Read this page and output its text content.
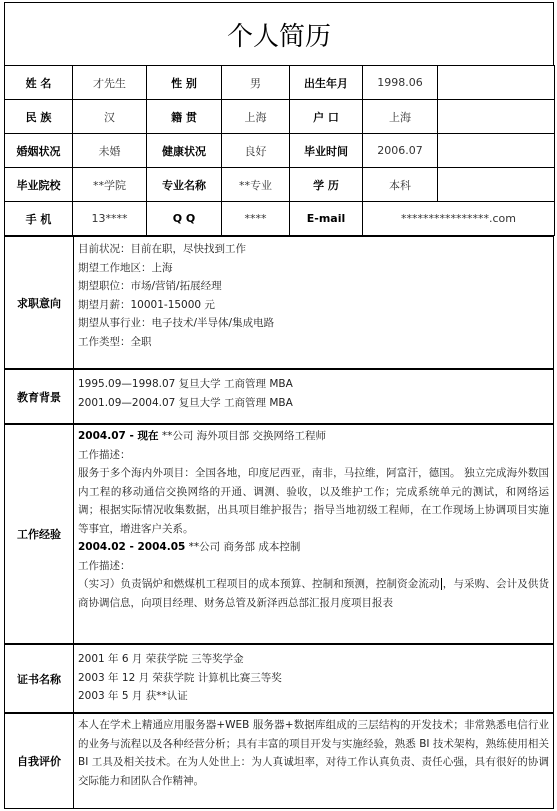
个人简历
姓 名	才先生	性 别	男	出生年月	1998.06	
民 族	汉	籍 贯	上海	户 口	上海	
婚姻状况	未婚	健康状况	良好	毕业时间	2006.07	
毕业院校	**学院	专业名称	**专业	学 历	本科	
手 机	13****	Q Q	****	E-mail	****************.com	
求职意向	
目前状况：目前在职，尽快找到工作
期望工作地区：上海
期望职位：市场/营销/拓展经理
期望月薪：10001-15000 元
期望从事行业：电子技术/半导体/集成电路
工作类型：全职
教育背景	
1995.09—1998.07 复旦大学 工商管理 MBA
2001.09—2004.07 复旦大学 工商管理 MBA
工作经验	
2004.07 - 现在 **公司 海外项目部 交换网络工程师
工作描述：
服务于多个海内外项目：全国各地，印度尼西亚，南非，马拉维，阿富汗，德国。 独立完成海外数国内工程的移动通信交换网络的开通、调测、验收，以及维护工作；完成系统单元的测试，和网络运调；根据实际情况收集数据，出具项目维护报告；指导当地初级工程师，在工作现场上协调项目实施等事宜，增进客户关系。
2004.02 - 2004.05 **公司 商务部 成本控制
工作描述：
（实习）负责锅炉和燃煤机工程项目的成本预算、控制和预测，控制资金流动 ，与采购、会计及供货商协调信息，向项目经理、财务总管及新泽西总部汇报月度项目报表
证书名称	
2001 年 6 月 荣获学院 三等奖学金
2003 年 12 月 荣获学院 计算机比赛三等奖
2003 年 5 月 获**认证
自我评价	
本人在学术上精通应用服务器+WEB 服务器+数据库组成的三层结构的开发技术；非常熟悉电信行业的业务与流程以及各种经营分析；具有丰富的项目开发与实施经验，熟悉 BI 技术架构，熟练使用相关 BI 工具及相关技术。在为人处世上：为人真诚坦率，对待工作认真负责、责任心强，具有很好的协调交际能力和团队合作精神。
